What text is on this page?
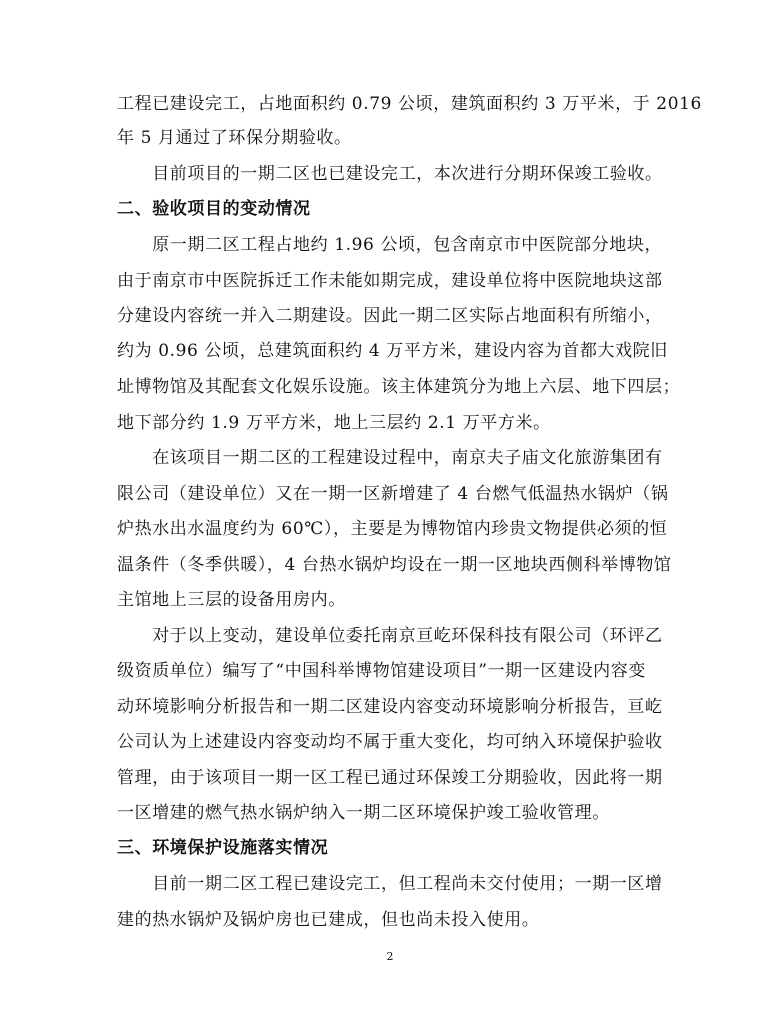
工程已建设完工，占地面积约 0.79 公顷，建筑面积约 3 万平米，于 2016
年 5 月通过了环保分期验收。
　　目前项目的一期二区也已建设完工，本次进行分期环保竣工验收。
二、验收项目的变动情况
　　原一期二区工程占地约 1.96 公顷，包含南京市中医院部分地块，
由于南京市中医院拆迁工作未能如期完成，建设单位将中医院地块这部
分建设内容统一并入二期建设。因此一期二区实际占地面积有所缩小，
约为 0.96 公顷，总建筑面积约 4 万平方米，建设内容为首都大戏院旧
址博物馆及其配套文化娱乐设施。该主体建筑分为地上六层、地下四层；
地下部分约 1.9 万平方米，地上三层约 2.1 万平方米。
　　在该项目一期二区的工程建设过程中，南京夫子庙文化旅游集团有
限公司（建设单位）又在一期一区新增建了 4 台燃气低温热水锅炉（锅
炉热水出水温度约为 60℃），主要是为博物馆内珍贵文物提供必须的恒
温条件（冬季供暖），4 台热水锅炉均设在一期一区地块西侧科举博物馆
主馆地上三层的设备用房内。
　　对于以上变动，建设单位委托南京亘屹环保科技有限公司（环评乙
级资质单位）编写了“中国科举博物馆建设项目”一期一区建设内容变
动环境影响分析报告和一期二区建设内容变动环境影响分析报告，亘屹
公司认为上述建设内容变动均不属于重大变化，均可纳入环境保护验收
管理，由于该项目一期一区工程已通过环保竣工分期验收，因此将一期
一区增建的燃气热水锅炉纳入一期二区环境保护竣工验收管理。
三、环境保护设施落实情况
　　目前一期二区工程已建设完工，但工程尚未交付使用；一期一区增
建的热水锅炉及锅炉房也已建成，但也尚未投入使用。
2
